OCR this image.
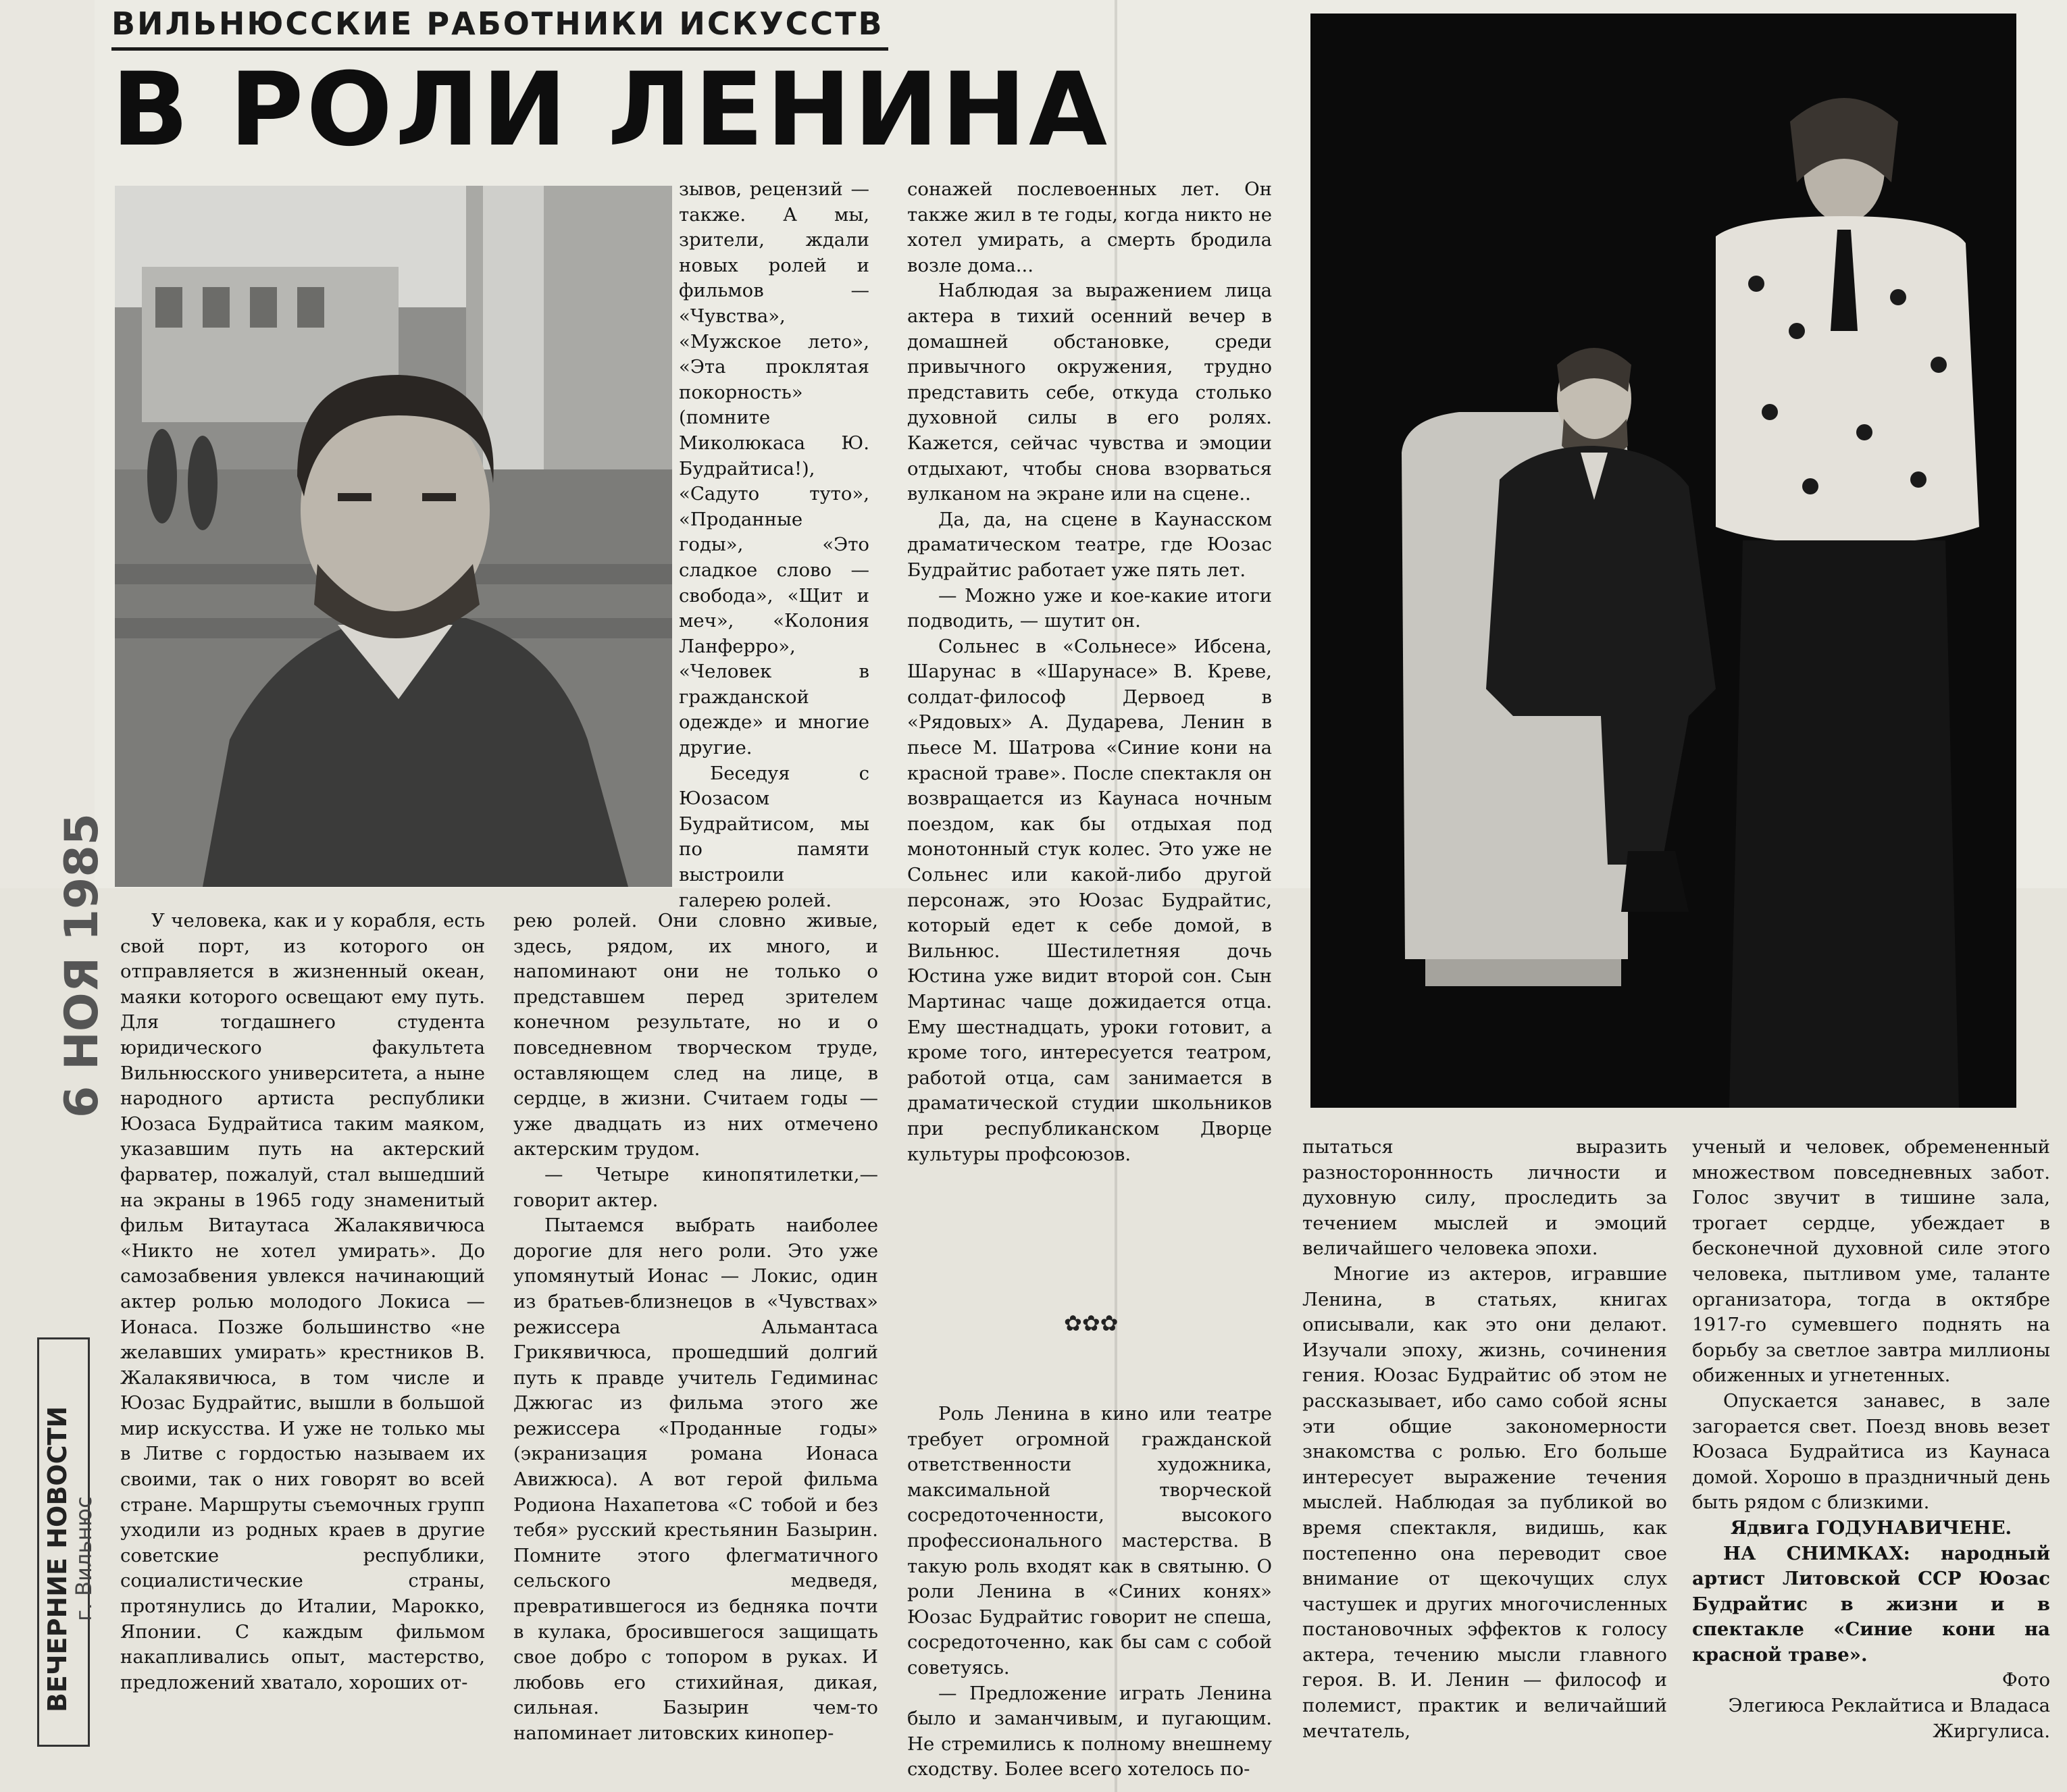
ВИЛЬНЮССКИЕ РАБОТНИКИ ИСКУССТВ
В РОЛИ ЛЕНИНА

зывов, рецензий — также. А мы, зрители, ждали новых ролей и фильмов — «Чувства», «Мужское лето», «Эта проклятая покорность» (помните Миколюкаса Ю. Будрайтиса!), «Садуто туто», «Проданные годы», «Это сладкое слово — свобода», «Щит и меч», «Колония Ланферро», «Человек в гражданской одежде» и многие другие.

Беседуя с Юозасом Будрайтисом, мы по памяти выстроили галерею ролей.

сонажей послевоенных лет. Он также жил в те годы, когда никто не хотел умирать, а смерть бродила возле дома...

Наблюдая за выражением лица актера в тихий осенний вечер в домашней обстановке, среди привычного окружения, трудно представить себе, откуда столько духовной силы в его ролях. Кажется, сейчас чувства и эмоции отдыхают, чтобы снова взорваться вулканом на экране или на сцене..

Да, да, на сцене в Каунасском драматическом театре, где Юозас Будрайтис работает уже пять лет.

— Можно уже и кое-какие итоги подводить, — шутит он.

Сольнес в «Сольнесе» Ибсена, Шарунас в «Шарунасе» В. Креве, солдат-философ Дервоед в «Рядовых» А. Дударева, Ленин в пьесе М. Шатрова «Синие кони на красной траве». После спектакля он возвращается из Каунаса ночным поездом, как бы отдыхая под монотонный стук колес. Это уже не Сольнес или какой-либо другой персонаж, это Юозас Будрайтис, который едет к себе домой, в Вильнюс. Шестилетняя дочь Юстина уже видит второй сон. Сын Мартинас чаще дожидается отца. Ему шестнадцать, уроки готовит, а кроме того, интересуется театром, работой отца, сам занимается в драматической студии школьников при республиканском Дворце культуры профсоюзов.

У человека, как и у корабля, есть свой порт, из которого он отправляется в жизненный океан, маяки которого освещают ему путь. Для тогдашнего студента юридического факультета Вильнюсского университета, а ныне народного артиста республики Юозаса Будрайтиса таким маяком, указавшим путь на актерский фарватер, пожалуй, стал вышедший на экраны в 1965 году знаменитый фильм Витаутаса Жалакявичюса «Никто не хотел умирать». До самозабвения увлекся начинающий актер ролью молодого Локиса — Ионаса. Позже большинство «не желавших умирать» крестников В. Жалакявичюса, в том числе и Юозас Будрайтис, вышли в большой мир искусства. И уже не только мы в Литве с гордостью называем их своими, так о них говорят во всей стране. Маршруты съемочных групп уходили из родных краев в другие советские республики, социалистические страны, протянулись до Италии, Марокко, Японии. С каждым фильмом накапливались опыт, мастерство, предложений хватало, хороших от-

рею ролей. Они словно живые, здесь, рядом, их много, и напоминают они не только о представшем перед зрителем конечном результате, но и о повседневном творческом труде, оставляющем след на лице, в сердце, в жизни. Считаем годы — уже двадцать из них отмечено актерским трудом.

— Четыре кинопятилетки,— говорит актер.

Пытаемся выбрать наиболее дорогие для него роли. Это уже упомянутый Ионас — Локис, один из братьев-близнецов в «Чувствах» режиссера Альмантаса Грикявичюса, прошедший долгий путь к правде учитель Гедиминас Джюгас из фильма этого же режиссера «Проданные годы» (экранизация романа Ионаса Авижюса). А вот герой фильма Родиона Нахапетова «С тобой и без тебя» русский крестьянин Базырин. Помните этого флегматичного сельского медведя, превратившегося из бедняка почти в кулака, бросившегося защищать свое добро с топором в руках. И любовь его стихийная, дикая, сильная. Базырин чем-то напоминает литовских кинопер-

✿✿✿

Роль Ленина в кино или театре требует огромной гражданской ответственности художника, максимальной творческой сосредоточенности, высокого профессионального мастерства. В такую роль входят как в святыню. О роли Ленина в «Синих конях» Юозас Будрайтис говорит не спеша, сосредоточенно, как бы сам с собой советуясь.

— Предложение играть Ленина было и заманчивым, и пугающим. Не стремились к полному внешнему сходству. Более всего хотелось по-

пытаться выразить разностороннность личности и духовную силу, проследить за течением мыслей и эмоций величайшего человека эпохи.

Многие из актеров, игравшие Ленина, в статьях, книгах описывали, как это они делают. Изучали эпоху, жизнь, сочинения гения. Юозас Будрайтис об этом не рассказывает, ибо само собой ясны эти общие закономерности знакомства с ролью. Его больше интересует выражение течения мыслей. Наблюдая за публикой во время спектакля, видишь, как постепенно она переводит свое внимание от щекочущих слух частушек и других многочисленных постановочных эффектов к голосу актера, течению мысли главного героя. В. И. Ленин — философ и полемист, практик и величайший мечтатель,

ученый и человек, обремененный множеством повседневных забот. Голос звучит в тишине зала, трогает сердце, убеждает в бесконечной духовной силе этого человека, пытливом уме, таланте организатора, тогда в октябре 1917-го сумевшего поднять на борьбу за светлое завтра миллионы обиженных и угнетенных.

Опускается занавес, в зале загорается свет. Поезд вновь везет Юозаса Будрайтиса из Каунаса домой. Хорошо в праздничный день быть рядом с близкими.

Ядвига ГОДУНАВИЧЕНЕ.

НА СНИМКАХ: народный артист Литовской ССР Юозас Будрайтис в жизни и в спектакле «Синие кони на красной траве».

Фото

Элегиюса Реклайтиса и Владаса Жиргулиса.

6 НОЯ 1985
ВЕЧЕРНИЕ НОВОСТИ
г. Вильнюс
